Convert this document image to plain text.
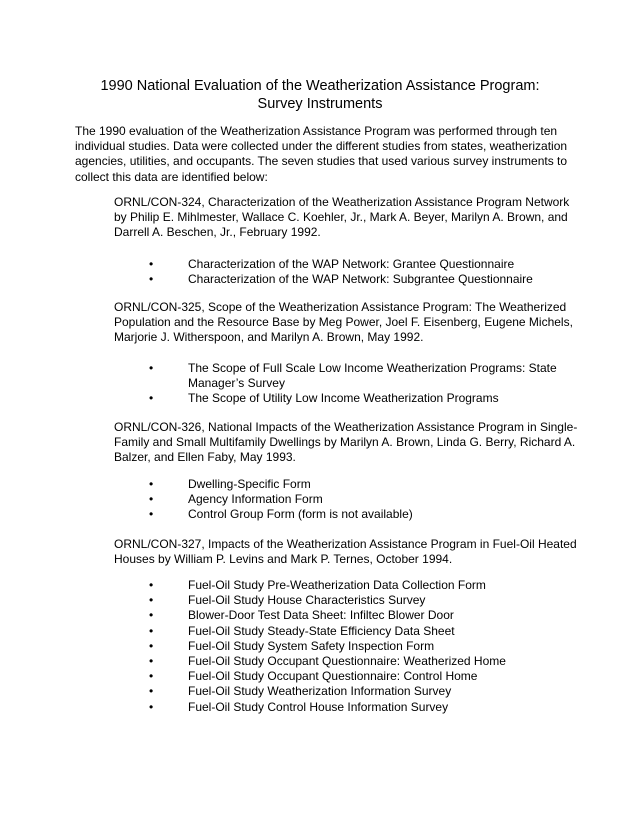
1990 National Evaluation of the Weatherization Assistance Program:
Survey Instruments

The 1990 evaluation of the Weatherization Assistance Program was performed through ten individual studies. Data were collected under the different studies from states, weatherization agencies, utilities, and occupants. The seven studies that used various survey instruments to collect this data are identified below:

ORNL/CON-324, Characterization of the Weatherization Assistance Program Network by Philip E. Mihlmester, Wallace C. Koehler, Jr., Mark A. Beyer, Marilyn A. Brown, and Darrell A. Beschen, Jr., February 1992.

•	Characterization of the WAP Network: Grantee Questionnaire
•	Characterization of the WAP Network: Subgrantee Questionnaire

ORNL/CON-325, Scope of the Weatherization Assistance Program: The Weatherized Population and the Resource Base by Meg Power, Joel F. Eisenberg, Eugene Michels, Marjorie J. Witherspoon, and Marilyn A. Brown, May 1992.

•	The Scope of Full Scale Low Income Weatherization Programs: State Manager’s Survey
•	The Scope of Utility Low Income Weatherization Programs

ORNL/CON-326, National Impacts of the Weatherization Assistance Program in Single-Family and Small Multifamily Dwellings by Marilyn A. Brown, Linda G. Berry, Richard A. Balzer, and Ellen Faby, May 1993.

•	Dwelling-Specific Form
•	Agency Information Form
•	Control Group Form (form is not available)

ORNL/CON-327, Impacts of the Weatherization Assistance Program in Fuel-Oil Heated Houses by William P. Levins and Mark P. Ternes, October 1994.

•	Fuel-Oil Study Pre-Weatherization Data Collection Form
•	Fuel-Oil Study House Characteristics Survey
•	Blower-Door Test Data Sheet: Infiltec Blower Door
•	Fuel-Oil Study Steady-State Efficiency Data Sheet
•	Fuel-Oil Study System Safety Inspection Form
•	Fuel-Oil Study Occupant Questionnaire: Weatherized Home
•	Fuel-Oil Study Occupant Questionnaire: Control Home
•	Fuel-Oil Study Weatherization Information Survey
•	Fuel-Oil Study Control House Information Survey
